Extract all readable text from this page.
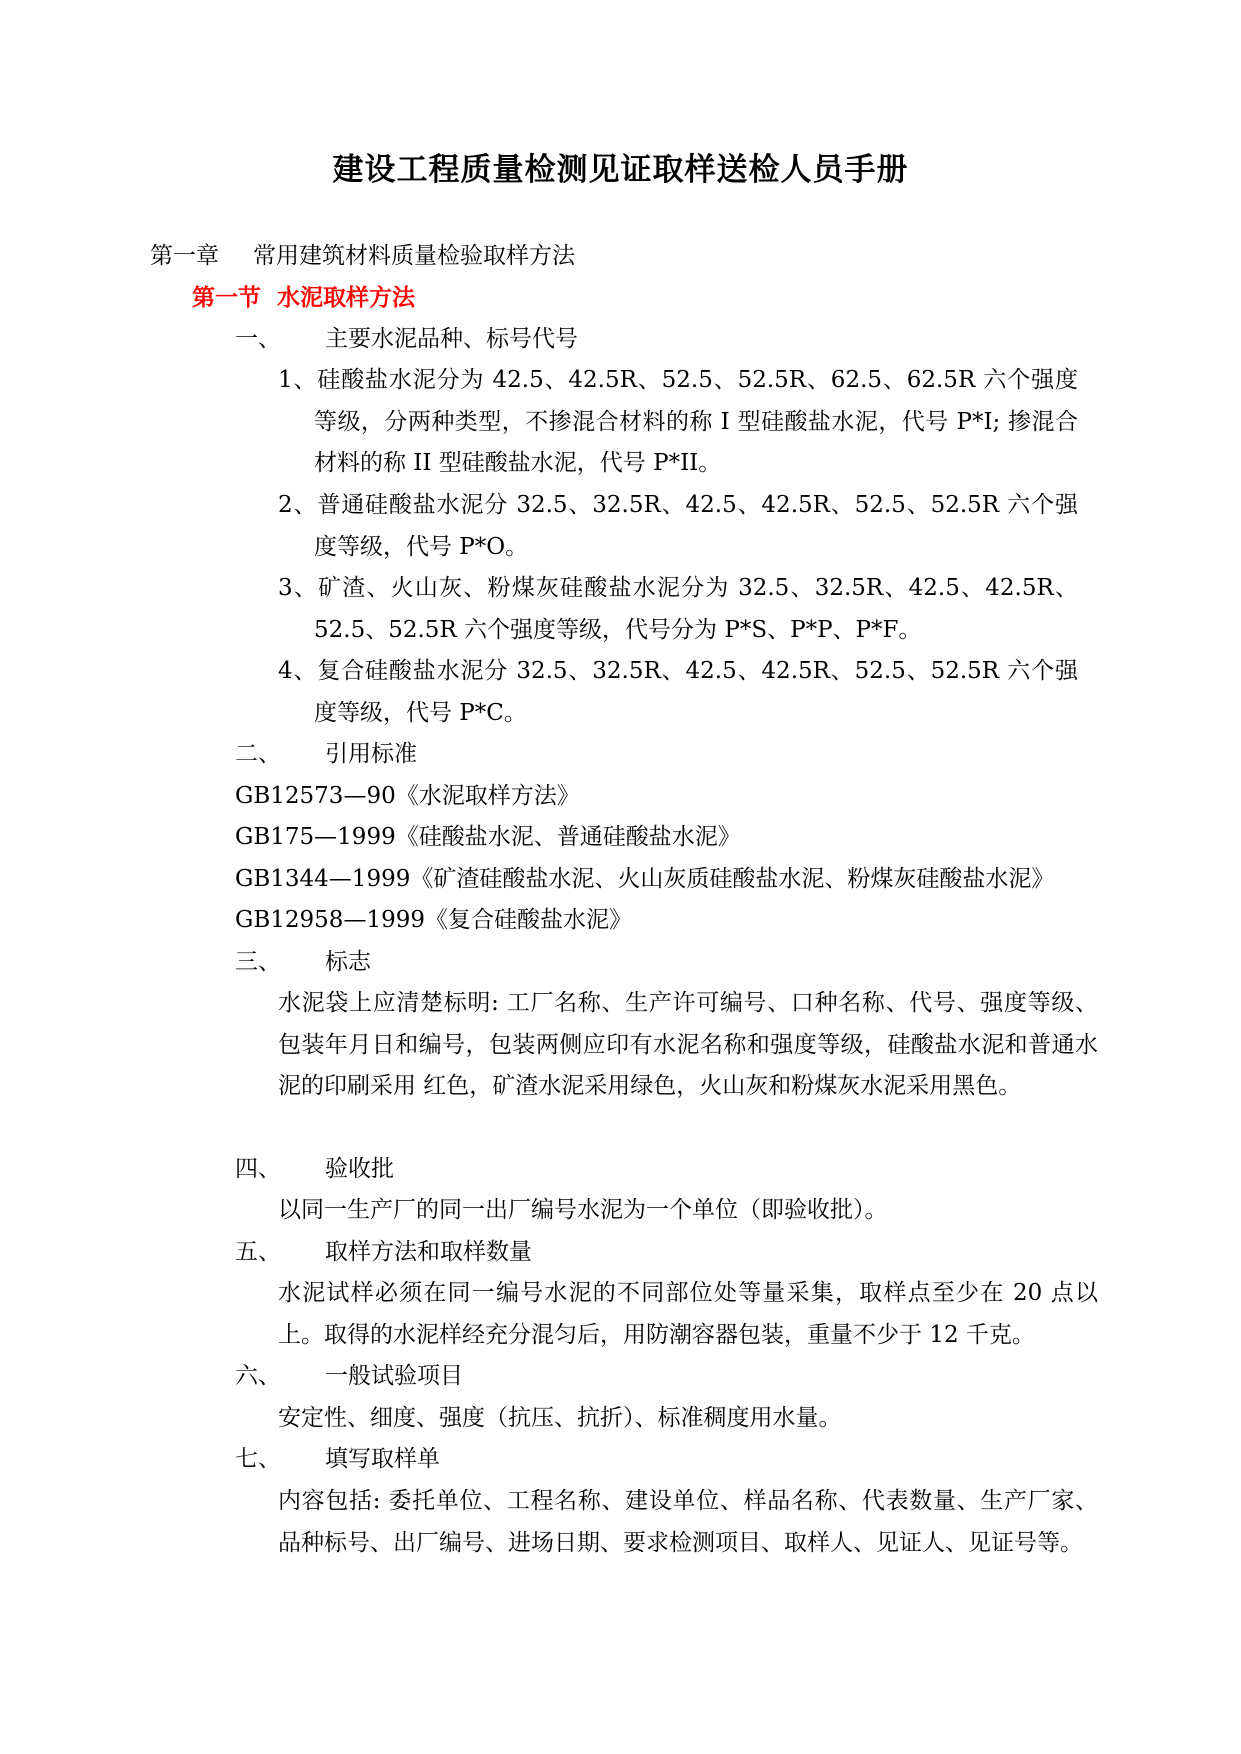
建设工程质量检测见证取样送检人员手册
第一章 常用建筑材料质量检验取样方法
第一节 水泥取样方法
一、 主要水泥品种、标号代号
1、硅酸盐水泥分为 42.5、42.5R、52.5、52.5R、62.5、62.5R 六个强度等级，分两种类型，不掺混合材料的称 I 型硅酸盐水泥，代号 P*I; 掺混合材料的称 II 型硅酸盐水泥，代号 P*II。
2、普通硅酸盐水泥分 32.5、32.5R、42.5、42.5R、52.5、52.5R 六个强度等级，代号 P*O。
3、矿渣、火山灰、粉煤灰硅酸盐水泥分为 32.5、32.5R、42.5、42.5R、52.5、52.5R 六个强度等级，代号分为 P*S、P*P、P*F。
4、复合硅酸盐水泥分 32.5、32.5R、42.5、42.5R、52.5、52.5R 六个强度等级，代号 P*C。
二、 引用标准
GB12573—90《水泥取样方法》
GB175—1999《硅酸盐水泥、普通硅酸盐水泥》
GB1344—1999《矿渣硅酸盐水泥、火山灰质硅酸盐水泥、粉煤灰硅酸盐水泥》
GB12958—1999《复合硅酸盐水泥》
三、 标志
水泥袋上应清楚标明: 工厂名称、生产许可编号、口种名称、代号、强度等级、包装年月日和编号，包装两侧应印有水泥名称和强度等级，硅酸盐水泥和普通水泥的印刷采用 红色，矿渣水泥采用绿色，火山灰和粉煤灰水泥采用黑色。
四、 验收批
以同一生产厂的同一出厂编号水泥为一个单位（即验收批）。
五、 取样方法和取样数量
水泥试样必须在同一编号水泥的不同部位处等量采集，取样点至少在 20 点以上。取得的水泥样经充分混匀后，用防潮容器包装，重量不少于 12 千克。
六、 一般试验项目
安定性、细度、强度（抗压、抗折）、标准稠度用水量。
七、 填写取样单
内容包括: 委托单位、工程名称、建设单位、样品名称、代表数量、生产厂家、品种标号、出厂编号、进场日期、要求检测项目、取样人、见证人、见证号等。
